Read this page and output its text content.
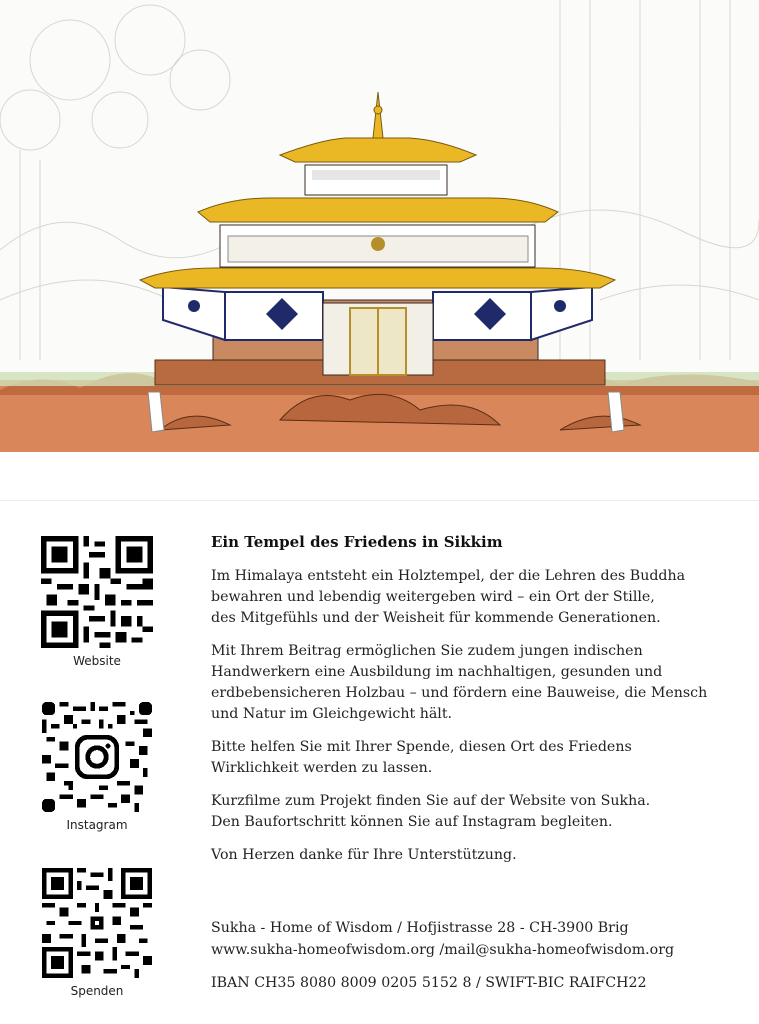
Website
Instagram
Spenden
Ein Tempel des Friedens in Sikkim

Im Himalaya entsteht ein Holztempel, der die Lehren des Buddha
bewahren und lebendig weitergeben wird – ein Ort der Stille,
des Mitgefühls und der Weisheit für kommende Generationen.

Mit Ihrem Beitrag ermöglichen Sie zudem jungen indischen
Handwerkern eine Ausbildung im nachhaltigen, gesunden und
erdbebensicheren Holzbau – und fördern eine Bauweise, die Mensch
und Natur im Gleichgewicht hält.

Bitte helfen Sie mit Ihrer Spende, diesen Ort des Friedens
Wirklichkeit werden zu lassen.

Kurzfilme zum Projekt finden Sie auf der Website von Sukha.
Den Baufortschritt können Sie auf Instagram begleiten.

Von Herzen danke für Ihre Unterstützung.

Sukha - Home of Wisdom / Hofjistrasse 28 - CH-3900 Brig
www.sukha-homeofwisdom.org /mail@sukha-homeofwisdom.org
IBAN CH35 8080 8009 0205 5152 8 / SWIFT-BIC RAIFCH22
